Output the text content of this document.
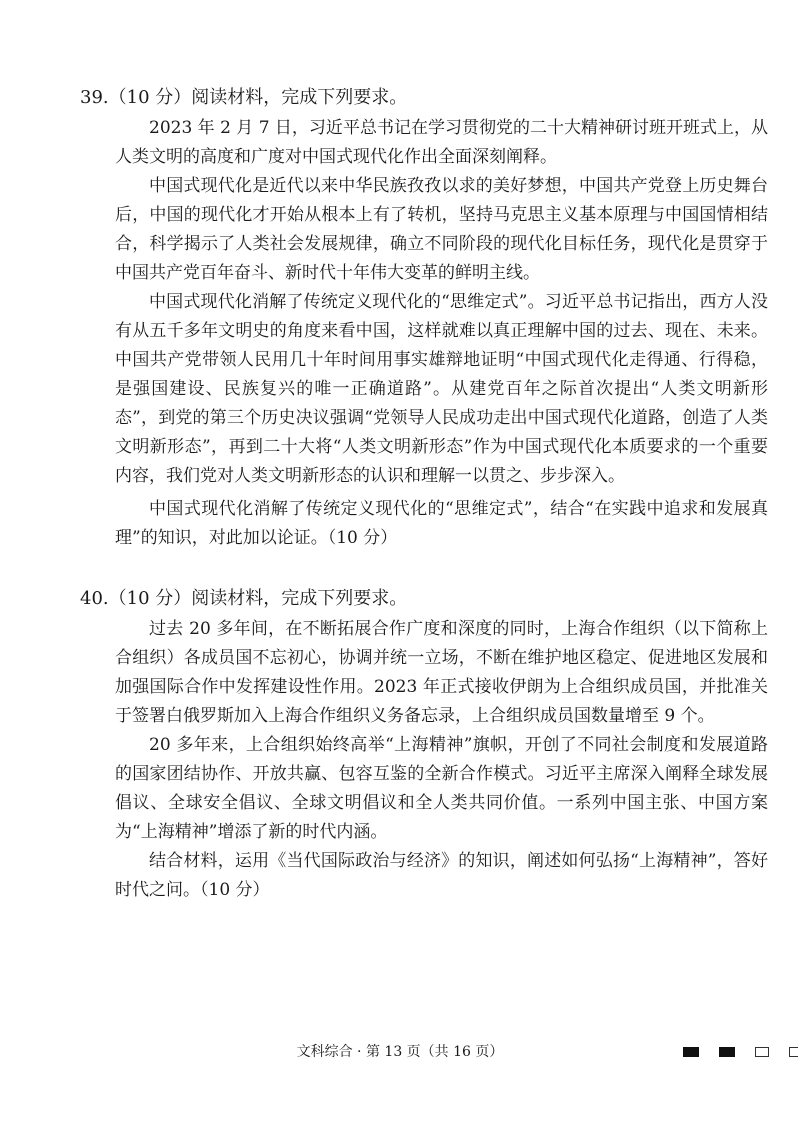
39.（10 分）阅读材料，完成下列要求。

2023 年 2 月 7 日，习近平总书记在学习贯彻党的二十大精神研讨班开班式上，从人类文明的高度和广度对中国式现代化作出全面深刻阐释。

中国式现代化是近代以来中华民族孜孜以求的美好梦想，中国共产党登上历史舞台后，中国的现代化才开始从根本上有了转机，坚持马克思主义基本原理与中国国情相结合，科学揭示了人类社会发展规律，确立不同阶段的现代化目标任务，现代化是贯穿于中国共产党百年奋斗、新时代十年伟大变革的鲜明主线。

中国式现代化消解了传统定义现代化的“思维定式”。习近平总书记指出，西方人没有从五千多年文明史的角度来看中国，这样就难以真正理解中国的过去、现在、未来。中国共产党带领人民用几十年时间用事实雄辩地证明“中国式现代化走得通、行得稳，是强国建设、民族复兴的唯一正确道路”。从建党百年之际首次提出“人类文明新形态”，到党的第三个历史决议强调“党领导人民成功走出中国式现代化道路，创造了人类文明新形态”，再到二十大将“人类文明新形态”作为中国式现代化本质要求的一个重要内容，我们党对人类文明新形态的认识和理解一以贯之、步步深入。

中国式现代化消解了传统定义现代化的“思维定式”，结合“在实践中追求和发展真理”的知识，对此加以论证。（10 分）

40.（10 分）阅读材料，完成下列要求。

过去 20 多年间，在不断拓展合作广度和深度的同时，上海合作组织（以下简称上合组织）各成员国不忘初心，协调并统一立场，不断在维护地区稳定、促进地区发展和加强国际合作中发挥建设性作用。2023 年正式接收伊朗为上合组织成员国，并批准关于签署白俄罗斯加入上海合作组织义务备忘录，上合组织成员国数量增至 9 个。

20 多年来，上合组织始终高举“上海精神”旗帜，开创了不同社会制度和发展道路的国家团结协作、开放共赢、包容互鉴的全新合作模式。习近平主席深入阐释全球发展倡议、全球安全倡议、全球文明倡议和全人类共同价值。一系列中国主张、中国方案为“上海精神”增添了新的时代内涵。

结合材料，运用《当代国际政治与经济》的知识，阐述如何弘扬“上海精神”，答好时代之问。（10 分）

文科综合 · 第 13 页（共 16 页）
